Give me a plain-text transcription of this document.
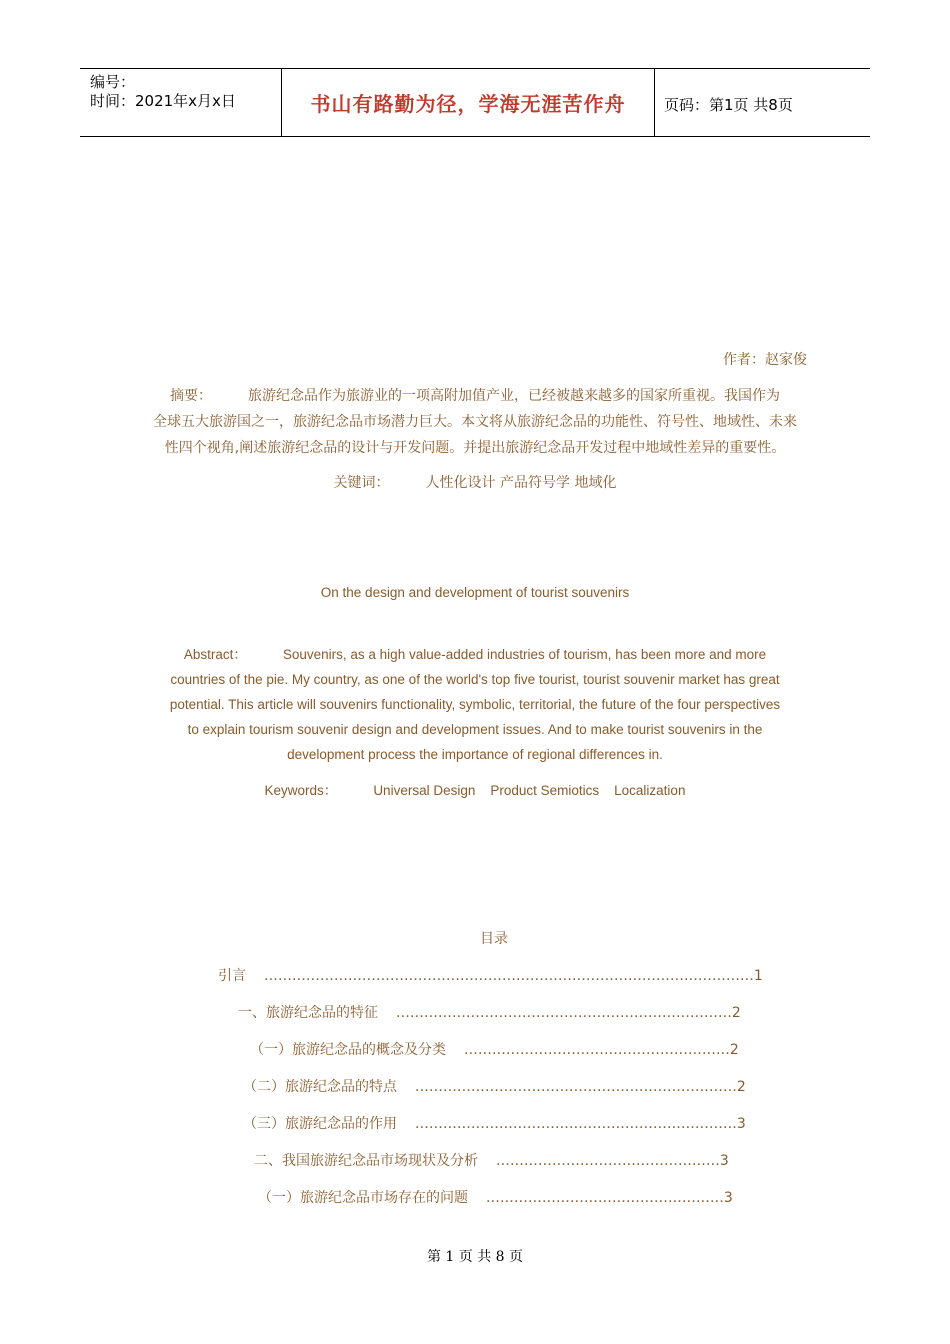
编号：
时间：2021年x月x日	书山有路勤为径，学海无涯苦作舟	页码：第1页 共8页
作者：赵家俊
摘要：	旅游纪念品作为旅游业的一项高附加值产业，已经被越来越多的国家所重视。我国作为
全球五大旅游国之一，旅游纪念品市场潜力巨大。本文将从旅游纪念品的功能性、符号性、地域性、未来
性四个视角,阐述旅游纪念品的设计与开发问题。并提出旅游纪念品开发过程中地域性差异的重要性。
关键词：	人性化设计 产品符号学 地域化
On the design and development of tourist souvenirs
Abstract：	Souvenirs, as a high value-added industries of tourism, has been more and more
countries of the pie. My country, as one of the world's top five tourist, tourist souvenir market has great
potential. This article will souvenirs functionality, symbolic, territorial, the future of the four perspectives
to explain tourism souvenir design and development issues. And to make tourist souvenirs in the
development process the importance of regional differences in.
Keywords：	Universal Design    Product Semiotics    Localization
目录
引言 ……………………………………………………………………………………………1
一、旅游纪念品的特征 ………………………………………………………………2
（一）旅游纪念品的概念及分类 …………………………………………………2
（二）旅游纪念品的特点 ……………………………………………………………2
（三）旅游纪念品的作用 ……………………………………………………………3
二、我国旅游纪念品市场现状及分析 …………………………………………3
（一）旅游纪念品市场存在的问题 ……………………………………………3
第 1 页 共 8 页
